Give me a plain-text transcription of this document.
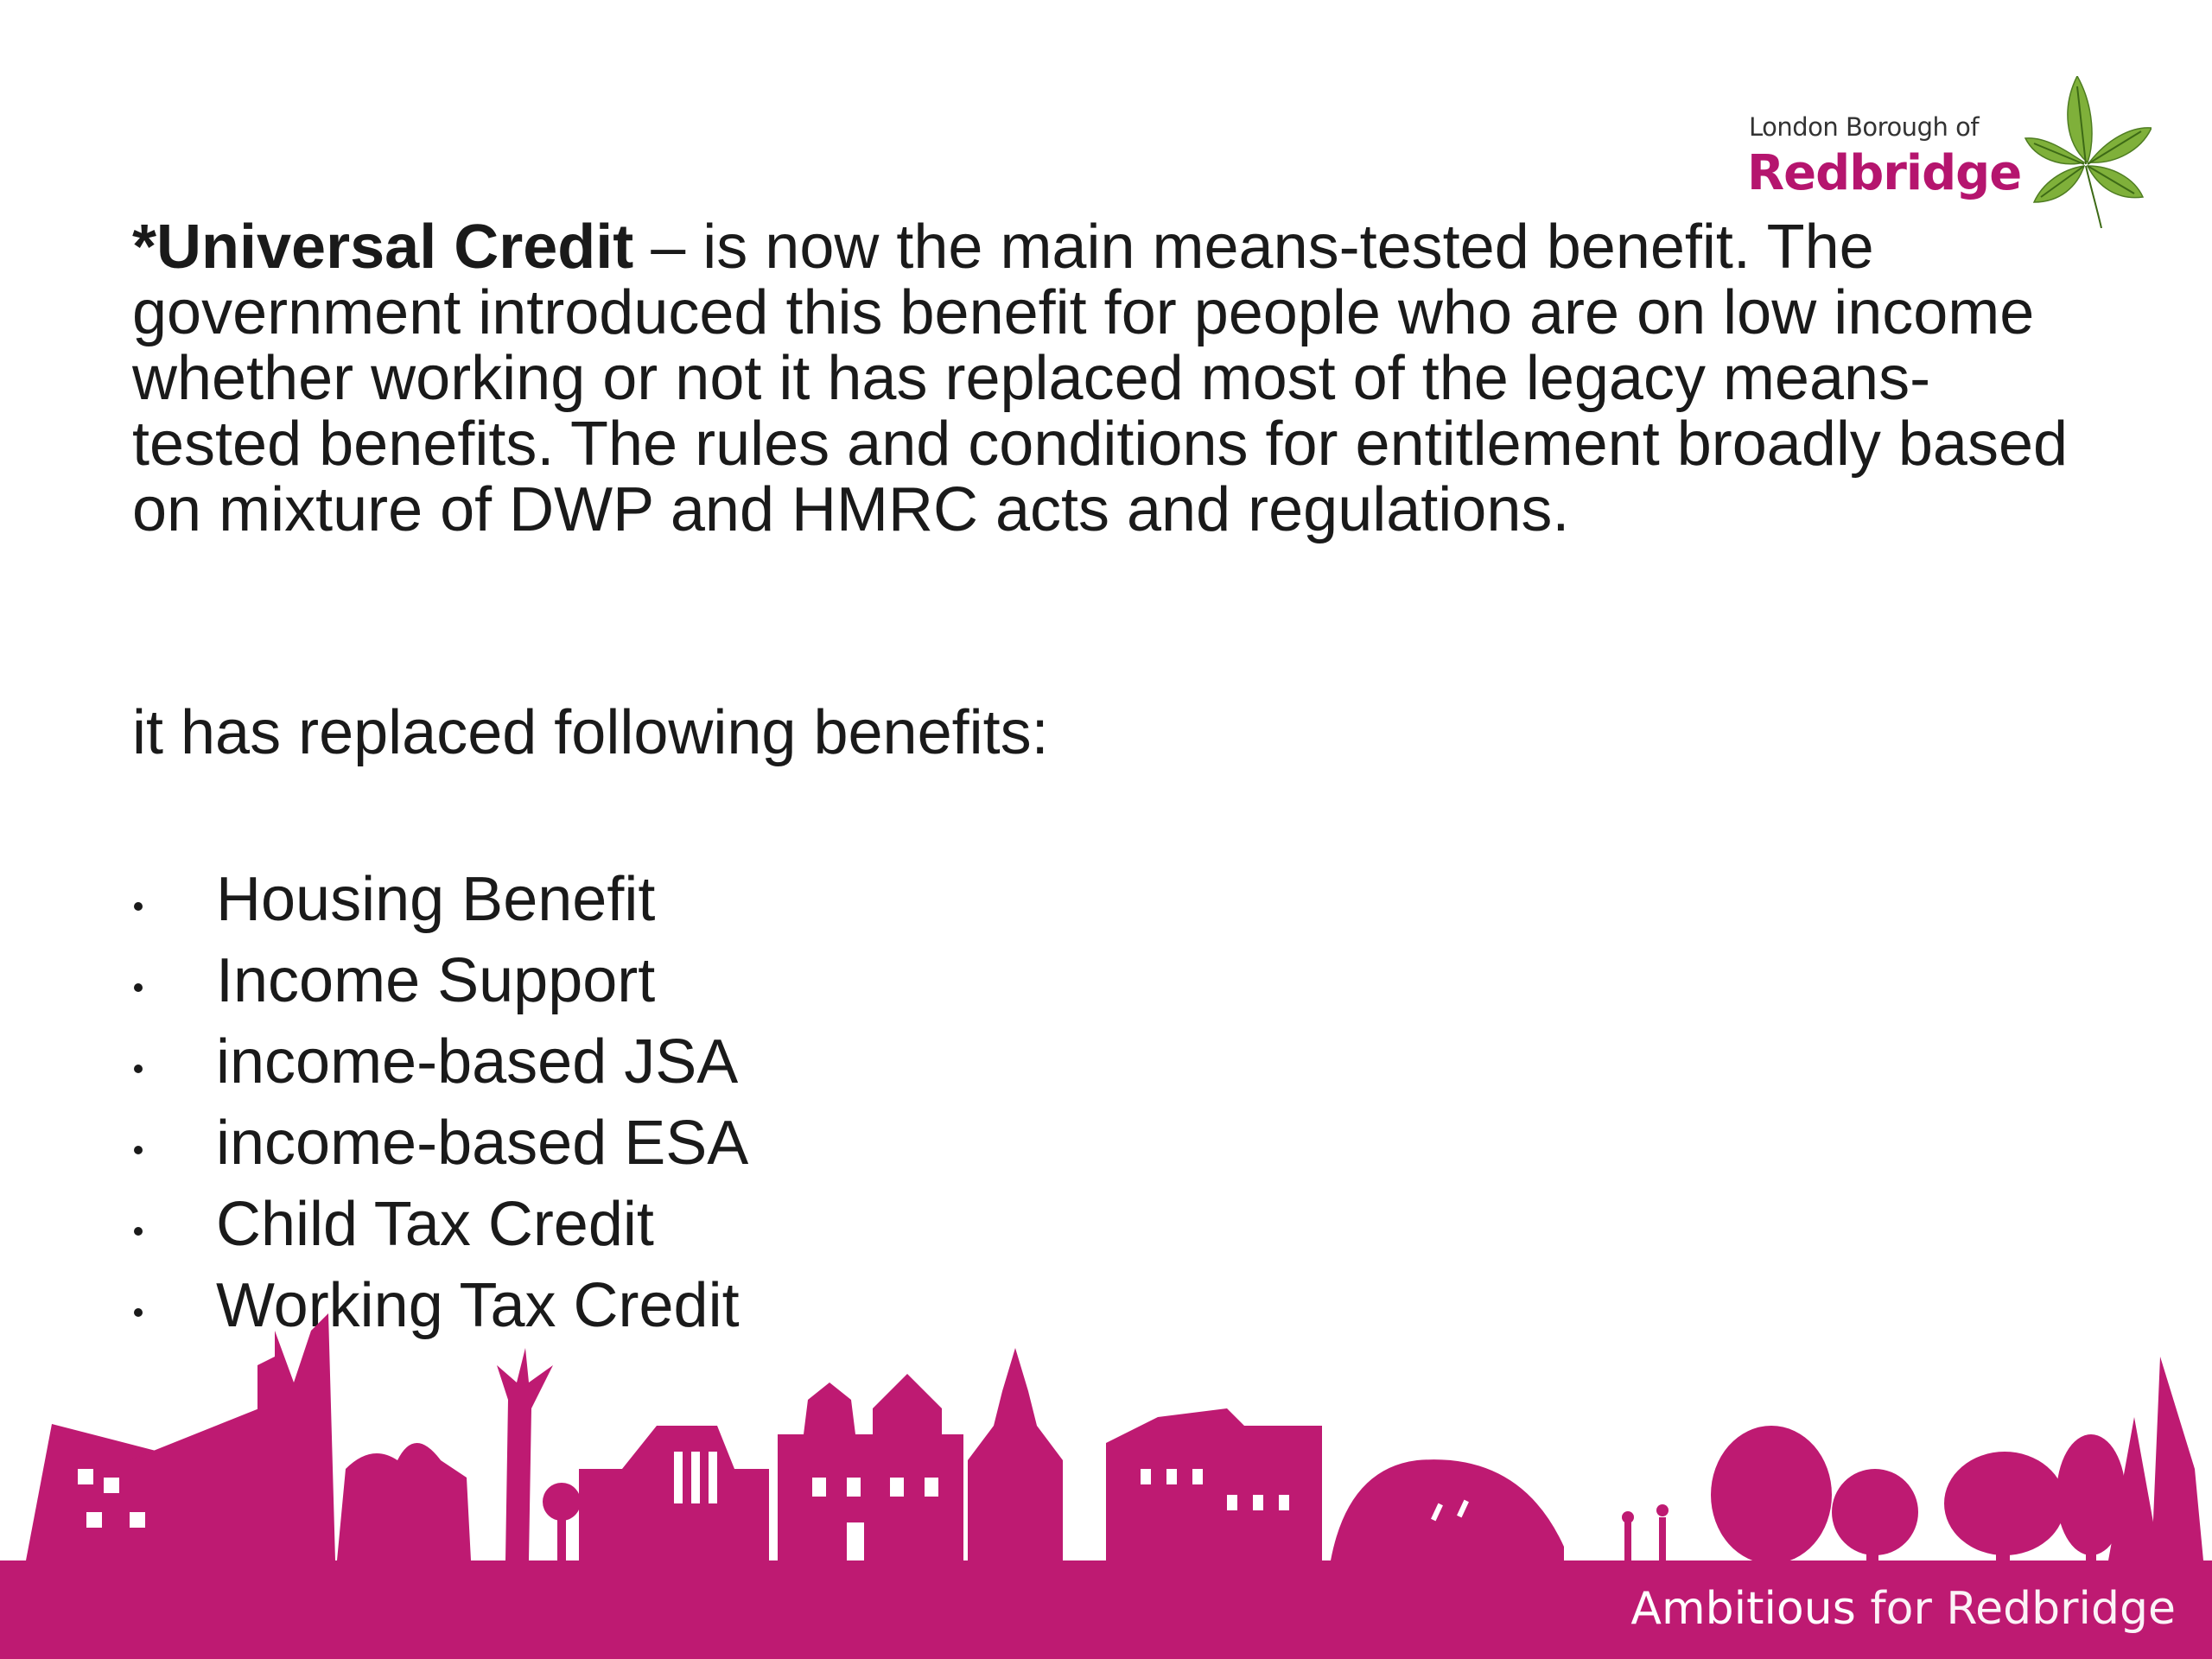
London Borough of
Redbridge

*Universal Credit – is now the main means-tested benefit. The government introduced this benefit for people who are on low income whether working or not it has replaced most of the legacy means-tested benefits. The rules and conditions for entitlement broadly based on mixture of DWP and HMRC acts and regulations.

it has replaced following benefits:

Housing Benefit
Income Support
income-based JSA
income-based ESA
Child Tax Credit
Working Tax Credit
Ambitious for Redbridge
